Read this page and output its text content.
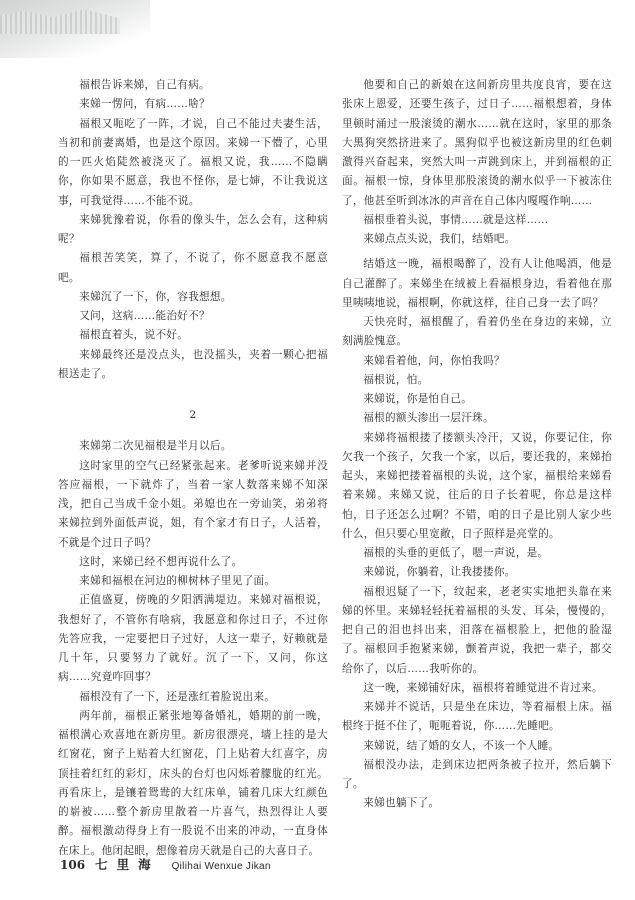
福根告诉来娣，自己有病。

来娣一愣问，有病……啥？

福根又呃吃了一阵，才说，自己不能过夫妻生活，当初和前妻离婚，也是这个原因。来娣一下懵了，心里的一匹火焰陡然被浇灭了。福根又说，我……不隐瞒你，你如果不愿意，我也不怪你，是七婶，不让我说这事，可我觉得……不能不说。

来娣犹豫着说，你看的像头牛，怎么会有，这种病呢？

福根苦笑笑，算了，不说了，你不愿意我不愿意吧。

来娣沉了一下，你，容我想想。

又问，这病……能治好不？

福根直着头，说不好。

来娣最终还是没点头，也没摇头，夹着一颗心把福根送走了。

2

来娣第二次见福根是半月以后。

这时家里的空气已经紧张起来。老爹听说来娣并没答应福根，一下就炸了，当着一家人数落来娣不知深浅，把自己当成千金小姐。弟媳也在一旁讪笑，弟弟将来娣拉到外面低声说，姐，有个家才有日子，人活着，不就是个过日子吗？

这时，来娣已经不想再说什么了。

来娣和福根在河边的柳树林子里见了面。

正值盛夏，傍晚的夕阳洒满堤边。来娣对福根说，我想好了，不管你有啥病，我愿意和你过日子，不过你先答应我，一定要把日子过好，人这一辈子，好赖就是几十年，只要努力了就好。沉了一下，又问，你这病……究竟咋回事？

福根没有了一下，还是涨红着脸说出来。

两年前，福根正紧张地筹备婚礼，婚期的前一晚，福根满心欢喜地在新房里。新房很漂亮，墙上挂的是大红窗花，窗子上贴着大红窗花，门上贴着大红喜字，房顶挂着红红的彩灯，床头的台灯也闪烁着朦胧的红光。再看床上，是镶着鸳鸯的大红床单，铺着几床大红颜色的崭被……整个新房里散着一片喜气，热烈得让人要醉。福根激动得身上有一股说不出来的冲动，一直身体在床上。他闭起眼，想像着房天就是自己的大喜日子。

他要和自己的新娘在这间新房里共度良宵，要在这张床上恩爱，还要生孩子，过日子……福根想着，身体里顿时涌过一股滚烫的潮水……就在这时，家里的那条大黑狗突然挤进来了。黑狗似乎也被这新房里的红色刺激得兴奋起来，突然大叫一声跳到床上，并到福根的正面。福根一惊，身体里那股滚烫的潮水似乎一下被冻住了，他甚至听到冰冰的声音在自己体内嘎嘎作响……

福根垂着头说，事情……就是这样……

来娣点点头说，我们，结婚吧。

结婚这一晚，福根喝醉了，没有人让他喝酒，他是自己灌醉了。来娣坐在绒被上看福根身边，看着他在那里咦咦地说，福根啊，你就这样，往自己身一去了吗？

天快亮时，福根醒了，看着仍坐在身边的来娣，立刻满脸愧意。

来娣看着他，问，你怕我吗？

福根说，怕。

来娣说，你是怕自己。

福根的额头渗出一层汗珠。

来娣将福根搂了搂额头冷汗，又说，你要记住，你欠我一个孩子，欠我一个家，以后，要还我的，来娣抬起头，来娣把搂着福根的头说，这个家，福根给来娣看着来娣。来娣又说，往后的日子长着呢，你总是这样怕，日子还怎么过啊？不错，咱的日子是比别人家少些什么，但只要心里宽敞，日子照样是亮堂的。

福根的头垂的更低了，嗯一声说，是。

来娣说，你躺着，让我搂搂你。

福根迟疑了一下，纹起来，老老实实地把头靠在来娣的怀里。来娣轻轻抚着福根的头发、耳朵，慢慢的，把自己的泪也抖出来，泪落在福根脸上，把他的脸湿了。福根回手抱紧来娣，颤着声说，我把一辈子，都交给你了，以后……我听你的。

这一晚，来娣铺好床，福根将着睡觉进不肯过来。

来娣并不说话，只是坐在床边，等着福根上床。福根终于挺不住了，呃呃着说，你……先睡吧。

来娣说，结了婚的女人，不该一个人睡。

福根没办法，走到床边把两条被子拉开，然后躺下了。

来娣也躺下了。

106 七里海 Qilihai Wenxue Jikan
